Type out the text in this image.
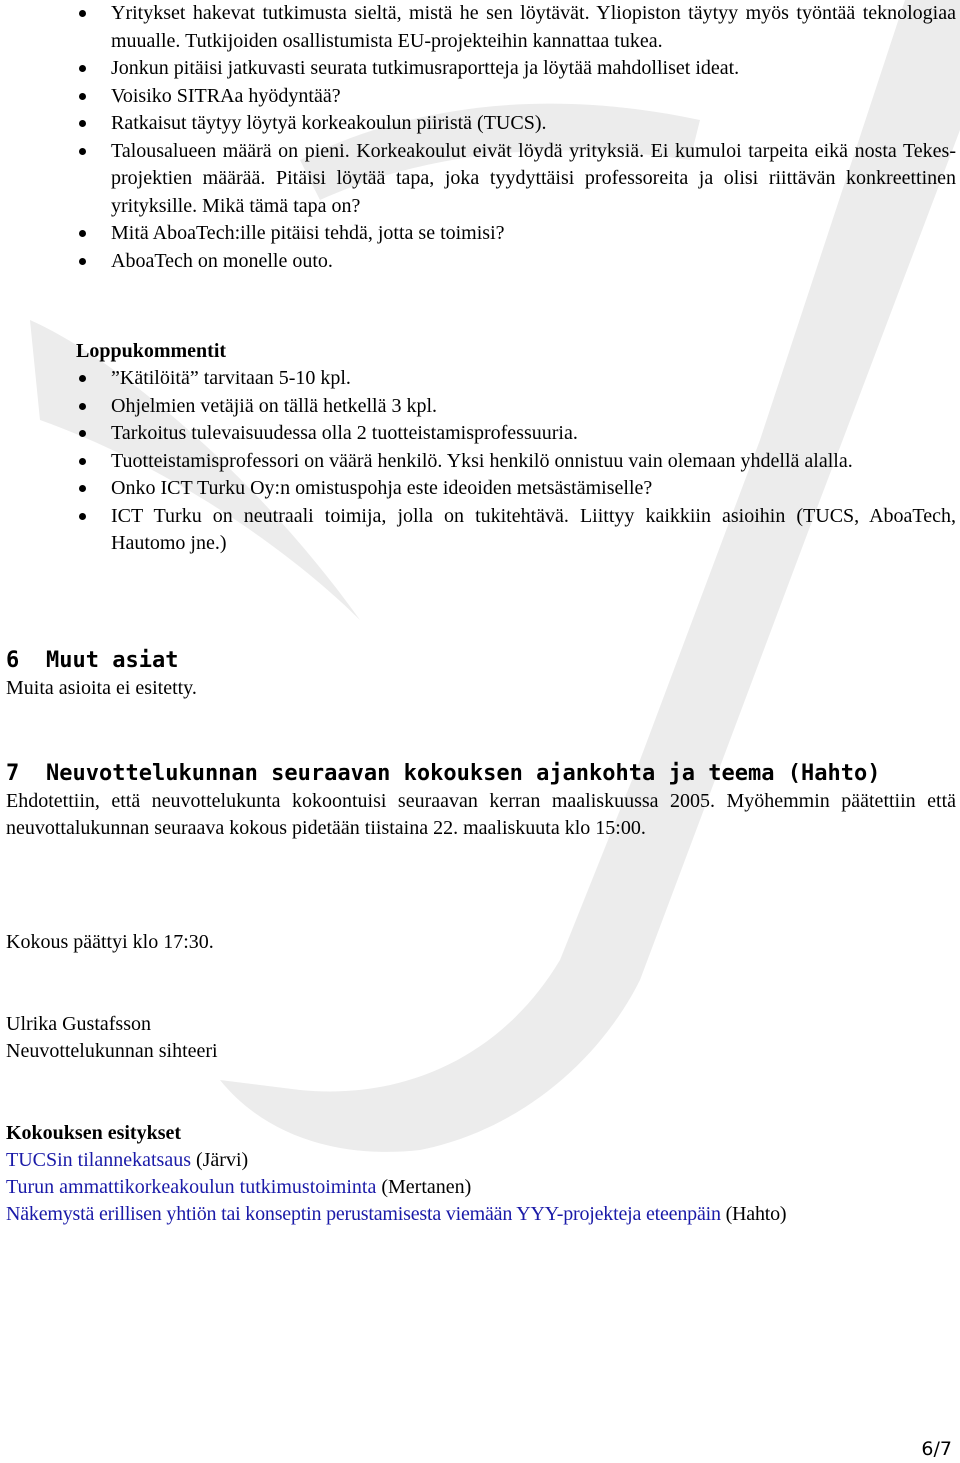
Yritykset hakevat tutkimusta sieltä, mistä he sen löytävät. Yliopiston täytyy myös työntää teknologiaa muualle. Tutkijoiden osallistumista EU-projekteihin kannattaa tukea.
Jonkun pitäisi jatkuvasti seurata tutkimusraportteja ja löytää mahdolliset ideat.
Voisiko SITRAa hyödyntää?
Ratkaisut täytyy löytyä korkeakoulun piiristä (TUCS).
Talousalueen määrä on pieni. Korkeakoulut eivät löydä yrityksiä. Ei kumuloi tarpeita eikä nosta Tekes-projektien määrää. Pitäisi löytää tapa, joka tyydyttäisi professoreita ja olisi riittävän konkreettinen yrityksille. Mikä tämä tapa on?
Mitä AboaTech:ille pitäisi tehdä, jotta se toimisi?
AboaTech on monelle outo.
Loppukommentit
”Kätilöitä” tarvitaan 5-10 kpl.
Ohjelmien vetäjiä on tällä hetkellä 3 kpl.
Tarkoitus tulevaisuudessa olla 2 tuotteistamisprofessuuria.
Tuotteistamisprofessori on väärä henkilö. Yksi henkilö onnistuu vain olemaan yhdellä alalla.
Onko ICT Turku Oy:n omistuspohja este ideoiden metsästämiselle?
ICT Turku on neutraali toimija, jolla on tukitehtävä. Liittyy kaikkiin asioihin (TUCS, AboaTech, Hautomo jne.)
6 Muut asiat

Muita asioita ei esitetty.

7 Neuvottelukunnan seuraavan kokouksen ajankohta ja teema (Hahto)

Ehdotettiin, että neuvottelukunta kokoontuisi seuraavan kerran maaliskuussa 2005. Myöhemmin päätettiin että neuvottalukunnan seuraava kokous pidetään tiistaina 22. maaliskuuta klo 15:00.

Kokous päättyi klo 17:30.

Ulrika Gustafsson

Neuvottelukunnan sihteeri

Kokouksen esitykset

TUCSin tilannekatsaus (Järvi)

Turun ammattikorkeakoulun tutkimustoiminta (Mertanen)

Näkemystä erillisen yhtiön tai konseptin perustamisesta viemään YYY-projekteja eteenpäin (Hahto)

6/7
